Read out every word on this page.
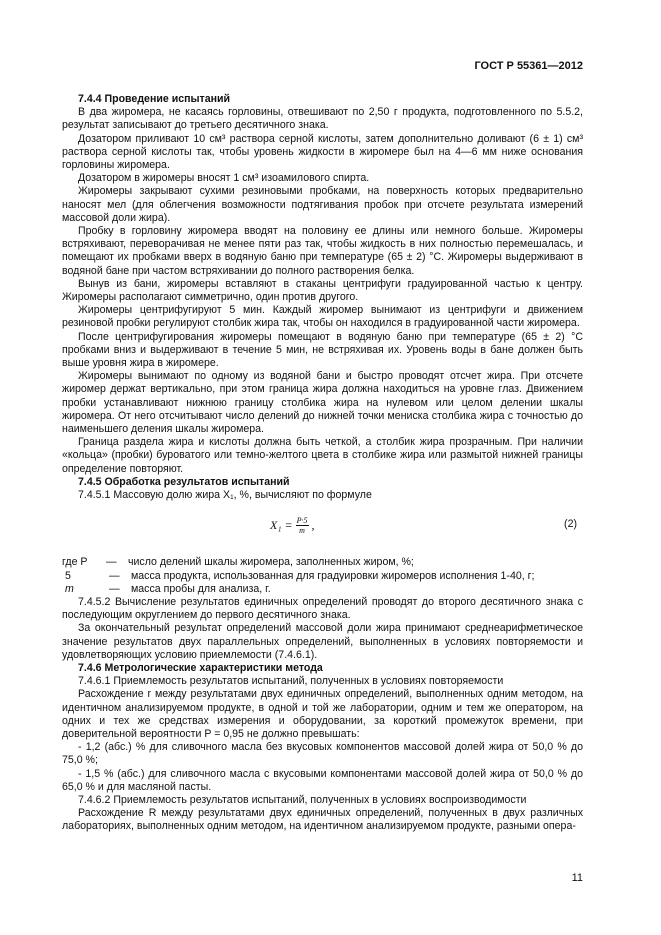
ГОСТ Р 55361—2012

7.4.4 Проведение испытаний

В два жиромера, не касаясь горловины, отвешивают по 2,50 г продукта, подготовленного по 5.5.2, результат записывают до третьего десятичного знака.

Дозатором приливают 10 см³ раствора серной кислоты, затем дополнительно доливают (6 ± 1) см³ раствора серной кислоты так, чтобы уровень жидкости в жиромере был на 4—6 мм ниже основания горловины жиромера.

Дозатором в жиромеры вносят 1 см³ изоамилового спирта.

Жиромеры закрывают сухими резиновыми пробками, на поверхность которых предварительно наносят мел (для облегчения возможности подтягивания пробок при отсчете результата измерений массовой доли жира).

Пробку в горловину жиромера вводят на половину ее длины или немного больше. Жиромеры встряхивают, переворачивая не менее пяти раз так, чтобы жидкость в них полностью перемешалась, и помещают их пробками вверх в водяную баню при температуре (65 ± 2) °С. Жиромеры выдерживают в водяной бане при частом встряхивании до полного растворения белка.

Вынув из бани, жиромеры вставляют в стаканы центрифуги градуированной частью к центру. Жиромеры располагают симметрично, один против другого.

Жиромеры центрифугируют 5 мин. Каждый жиромер вынимают из центрифуги и движением резиновой пробки регулируют столбик жира так, чтобы он находился в градуированной части жиромера.

После центрифугирования жиромеры помещают в водяную баню при температуре (65 ± 2) °С пробками вниз и выдерживают в течение 5 мин, не встряхивая их. Уровень воды в бане должен быть выше уровня жира в жиромере.

Жиромеры вынимают по одному из водяной бани и быстро проводят отсчет жира. При отсчете жиромер держат вертикально, при этом граница жира должна находиться на уровне глаз. Движением пробки устанавливают нижнюю границу столбика жира на нулевом или целом делении шкалы жиромера. От него отсчитывают число делений до нижней точки мениска столбика жира с точностью до наименьшего деления шкалы жиромера.

Граница раздела жира и кислоты должна быть четкой, а столбик жира прозрачным. При наличии «кольца» (пробки) буроватого или темно-желтого цвета в столбике жира или размытой нижней границы определение повторяют.

7.4.5 Обработка результатов испытаний

7.4.5.1 Массовую долю жира X₁, %, вычисляют по формуле

$X_1 = \frac{P\cdot 5}{m}$ ,	(2)
где P	—	число делений шкалы жиромера, заполненных жиром, %;
5	—	масса продукта, использованная для градуировки жиромеров исполнения 1-40, г;
m	—	масса пробы для анализа, г.

7.4.5.2 Вычисление результатов единичных определений проводят до второго десятичного знака с последующим округлением до первого десятичного знака.

За окончательный результат определений массовой доли жира принимают среднеарифметическое значение результатов двух параллельных определений, выполненных в условиях повторяемости и удовлетворяющих условию приемлемости (7.4.6.1).

7.4.6 Метрологические характеристики метода

7.4.6.1 Приемлемость результатов испытаний, полученных в условиях повторяемости

Расхождение r между результатами двух единичных определений, выполненных одним методом, на идентичном анализируемом продукте, в одной и той же лаборатории, одним и тем же оператором, на одних и тех же средствах измерения и оборудовании, за короткий промежуток времени, при доверительной вероятности P = 0,95 не должно превышать:

- 1,2 (абс.) % для сливочного масла без вкусовых компонентов массовой долей жира от 50,0 % до 75,0 %;

- 1,5 % (абс.) для сливочного масла с вкусовыми компонентами массовой долей жира от 50,0 % до 65,0 % и для масляной пасты.

7.4.6.2 Приемлемость результатов испытаний, полученных в условиях воспроизводимости

Расхождение R между результатами двух единичных определений, полученных в двух различных лабораториях, выполненных одним методом, на идентичном анализируемом продукте, разными опера-

11
